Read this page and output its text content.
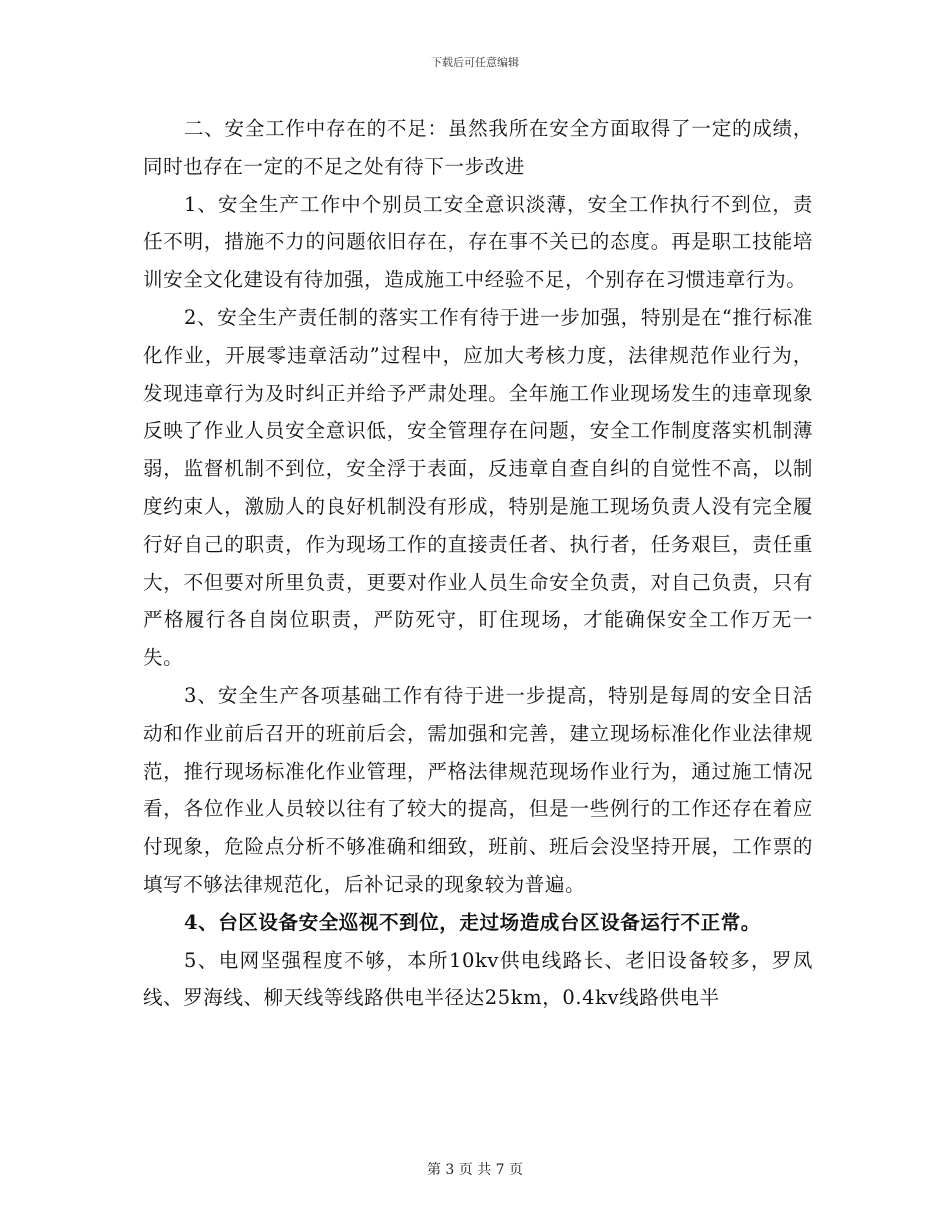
下载后可任意编辑

二、安全工作中存在的不足：虽然我所在安全方面取得了一定的成绩，同时也存在一定的不足之处有待下一步改进

1、安全生产工作中个别员工安全意识淡薄，安全工作执行不到位，责任不明，措施不力的问题依旧存在，存在事不关已的态度。再是职工技能培训安全文化建设有待加强，造成施工中经验不足，个别存在习惯违章行为。

2、安全生产责任制的落实工作有待于进一步加强，特别是在“推行标准化作业，开展零违章活动”过程中，应加大考核力度，法律规范作业行为，发现违章行为及时纠正并给予严肃处理。全年施工作业现场发生的违章现象反映了作业人员安全意识低，安全管理存在问题，安全工作制度落实机制薄弱，监督机制不到位，安全浮于表面，反违章自查自纠的自觉性不高，以制度约束人，激励人的良好机制没有形成，特别是施工现场负责人没有完全履行好自己的职责，作为现场工作的直接责任者、执行者，任务艰巨，责任重大，不但要对所里负责，更要对作业人员生命安全负责，对自己负责，只有严格履行各自岗位职责，严防死守，盯住现场，才能确保安全工作万无一失。

3、安全生产各项基础工作有待于进一步提高，特别是每周的安全日活动和作业前后召开的班前后会，需加强和完善，建立现场标准化作业法律规范，推行现场标准化作业管理，严格法律规范现场作业行为，通过施工情况看，各位作业人员较以往有了较大的提高，但是一些例行的工作还存在着应付现象，危险点分析不够准确和细致，班前、班后会没坚持开展，工作票的填写不够法律规范化，后补记录的现象较为普遍。

4、台区设备安全巡视不到位，走过场造成台区设备运行不正常。

5、电网坚强程度不够，本所10kv供电线路长、老旧设备较多，罗凤线、罗海线、柳天线等线路供电半径达25km，0.4kv线路供电半

第 3 页 共 7 页
